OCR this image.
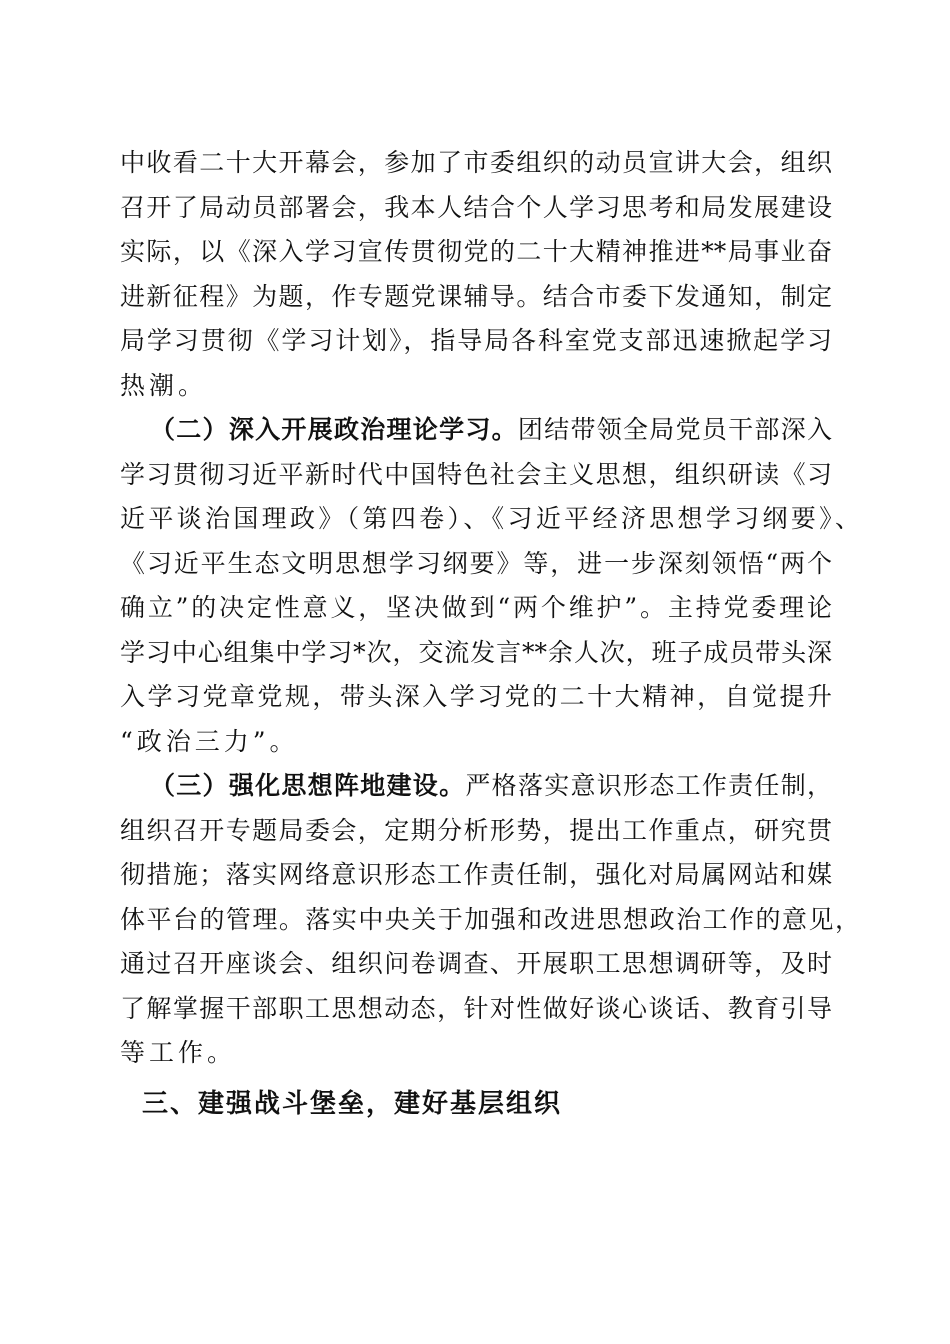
中收看二十大开幕会，参加了市委组织的动员宣讲大会，组织
召开了局动员部署会，我本人结合个人学习思考和局发展建设
实际，以《深入学习宣传贯彻党的二十大精神推进**局事业奋
进新征程》为题，作专题党课辅导。结合市委下发通知，制定
局学习贯彻《学习计划》，指导局各科室党支部迅速掀起学习
热潮。
（二）深入开展政治理论学习。团结带领全局党员干部深入
学习贯彻习近平新时代中国特色社会主义思想，组织研读《习
近平谈治国理政》（第四卷）、《习近平经济思想学习纲要》、
《习近平生态文明思想学习纲要》等，进一步深刻领悟“两个
确立”的决定性意义，坚决做到“两个维护”。主持党委理论
学习中心组集中学习*次，交流发言**余人次，班子成员带头深
入学习党章党规，带头深入学习党的二十大精神，自觉提升
“政治三力”。
（三）强化思想阵地建设。严格落实意识形态工作责任制，
组织召开专题局委会，定期分析形势，提出工作重点，研究贯
彻措施；落实网络意识形态工作责任制，强化对局属网站和媒
体平台的管理。落实中央关于加强和改进思想政治工作的意见，
通过召开座谈会、组织问卷调查、开展职工思想调研等，及时
了解掌握干部职工思想动态，针对性做好谈心谈话、教育引导
等工作。
三、建强战斗堡垒，建好基层组织
